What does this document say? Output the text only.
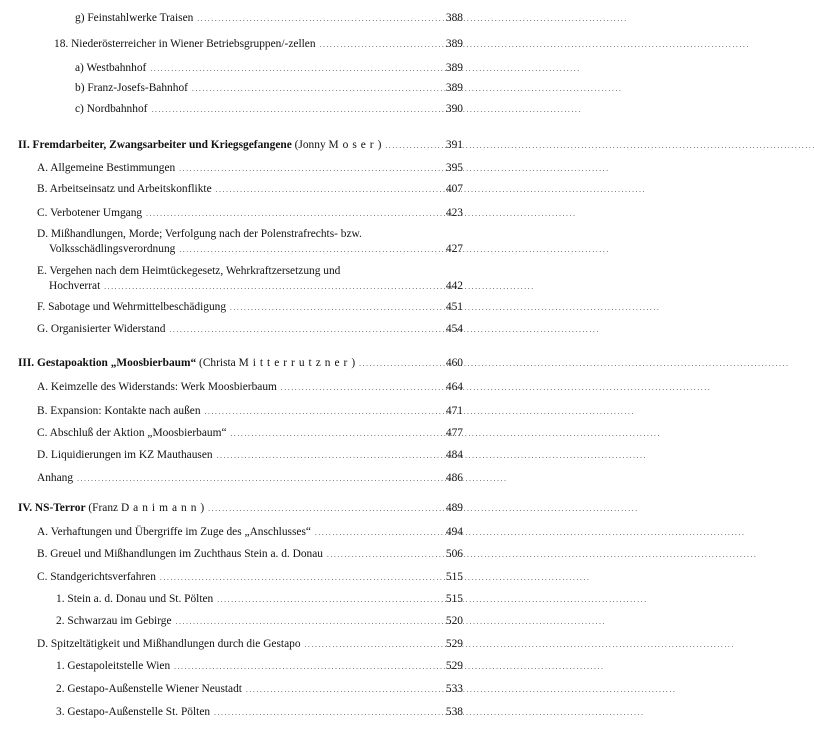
g) Feinstahlwerke Traisen . . .	388
18. Niederösterreicher in Wiener Betriebsgruppen/-zellen . . .	389
a) Westbahnhof . . .	389
b) Franz-Josefs-Bahnhof . . .	389
c) Nordbahnhof . . .	390
II. Fremdarbeiter, Zwangsarbeiter und Kriegsgefangene (Jonny Moser) . . .	391
A. Allgemeine Bestimmungen . . .	395
B. Arbeitseinsatz und Arbeitskonflikte . . .	407
C. Verbotener Umgang . . .	423
D. Mißhandlungen, Morde; Verfolgung nach der Polenstrafrechts- bzw.
Volksschädlingsverordnung . . .	427
E. Vergehen nach dem Heimtückegesetz, Wehrkraftzersetzung und
Hochverrat . . .	442
F. Sabotage und Wehrmittelbeschädigung . . .	451
G. Organisierter Widerstand . . .	454
III. Gestapoaktion „Moosbierbaum“ (Christa Mitterrutzner) . . .	460
A. Keimzelle des Widerstands: Werk Moosbierbaum . . .	464
B. Expansion: Kontakte nach außen . . .	471
C. Abschluß der Aktion „Moosbierbaum“ . . .	477
D. Liquidierungen im KZ Mauthausen . . .	484
Anhang . . .	486
IV. NS-Terror (Franz Danimann) . . .	489
A. Verhaftungen und Übergriffe im Zuge des „Anschlusses“ . . .	494
B. Greuel und Mißhandlungen im Zuchthaus Stein a. d. Donau . . .	506
C. Standgerichtsverfahren . . .	515
1. Stein a. d. Donau und St. Pölten . . .	515
2. Schwarzau im Gebirge . . .	520
D. Spitzeltätigkeit und Mißhandlungen durch die Gestapo . . .	529
1. Gestapoleitstelle Wien . . .	529
2. Gestapo-Außenstelle Wiener Neustadt . . .	533
3. Gestapo-Außenstelle St. Pölten . . .	538
